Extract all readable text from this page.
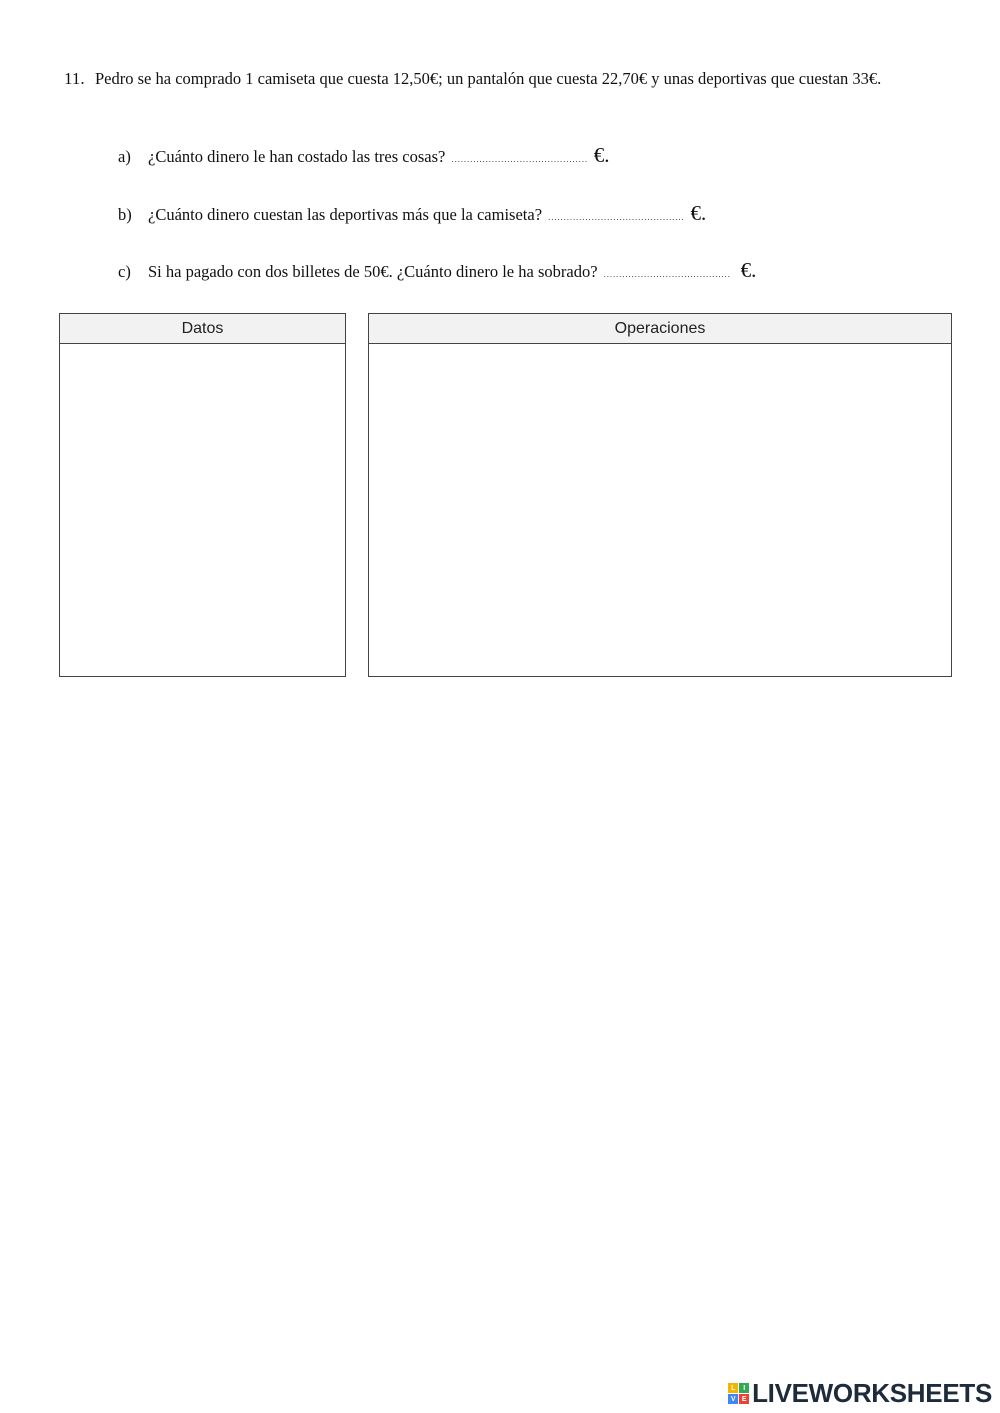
11. Pedro se ha comprado 1 camiseta que cuesta 12,50€; un pantalón que cuesta 22,70€ y unas deportivas que cuestan 33€.
a) ¿Cuánto dinero le han costado las tres cosas? ............................................ €.
b) ¿Cuánto dinero cuestan las deportivas más que la camiseta? ............................................ €.
c) Si ha pagado con dos billetes de 50€. ¿Cuánto dinero le ha sobrado? ......................................... €.
Datos	Operaciones
L	I
V E LIVEWORKSHEETS
